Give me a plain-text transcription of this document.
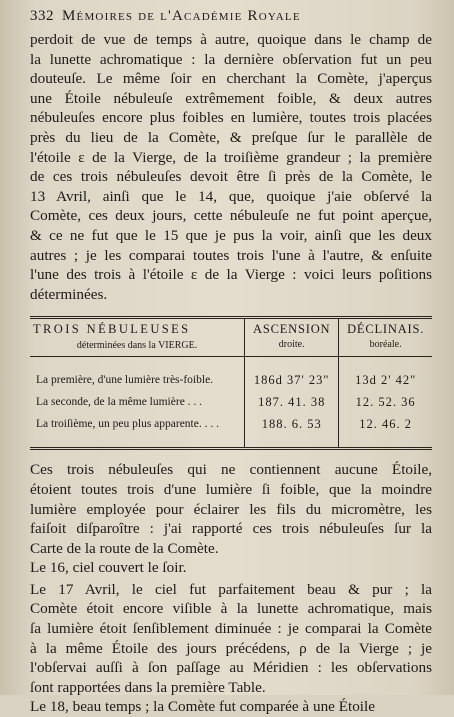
332 Mémoires de l'Académie Royale

perdoit de vue de temps à autre, quoique dans le champ de

la lunette achromatique : la dernière obſervation fut un peu

douteuſe. Le même ſoir en cherchant la Comète, j'aperçus

une Étoile nébuleuſe extrêmement foible, & deux autres

nébuleuſes encore plus foibles en lumière, toutes trois placées

près du lieu de la Comète, & preſque ſur le parallèle de

l'étoile ε de la Vierge, de la troiſième grandeur ; la première

de ces trois nébuleuſes devoit être ſi près de la Comète, le

13 Avril, ainſi que le 14, que, quoique j'aie obſervé la

Comète, ces deux jours, cette nébuleuſe ne fut point aperçue,

& ce ne fut que le 15 que je pus la voir, ainſi que les deux

autres ; je les comparai toutes trois l'une à l'autre, & enſuite

l'une des trois à l'étoile ε de la Vierge : voici leurs poſitions

déterminées.

TROIS NÉBULEUSES	ASCENSION	DÉCLINAIS.
déterminées dans la VIERGE.	droite.	boréale.

La première, d'une lumière très-foible.	186d 37' 23"	13d 2' 42"
La seconde, de la même lumière . . .	187. 41. 38	12. 52. 36
La troiſième, un peu plus apparente. . . .	188. 6. 53	12. 46. 2

Ces trois nébuleuſes qui ne contiennent aucune Étoile,

étoient toutes trois d'une lumière ſi foible, que la moindre

lumière employée pour éclairer les fils du micromètre, les

faiſoit diſparoître : j'ai rapporté ces trois nébuleuſes ſur la

Carte de la route de la Comète.

Le 16, ciel couvert le ſoir.

Le 17 Avril, le ciel fut parfaitement beau & pur ; la

Comète étoit encore viſible à la lunette achromatique, mais

ſa lumière étoit ſenſiblement diminuée : je comparai la Comète

à la même Étoile des jours précédens, ρ de la Vierge ; je

l'obſervai auſſi à ſon paſſage au Méridien : les obſervations

ſont rapportées dans la première Table.

Le 18, beau temps ; la Comète fut comparée à une Étoile
